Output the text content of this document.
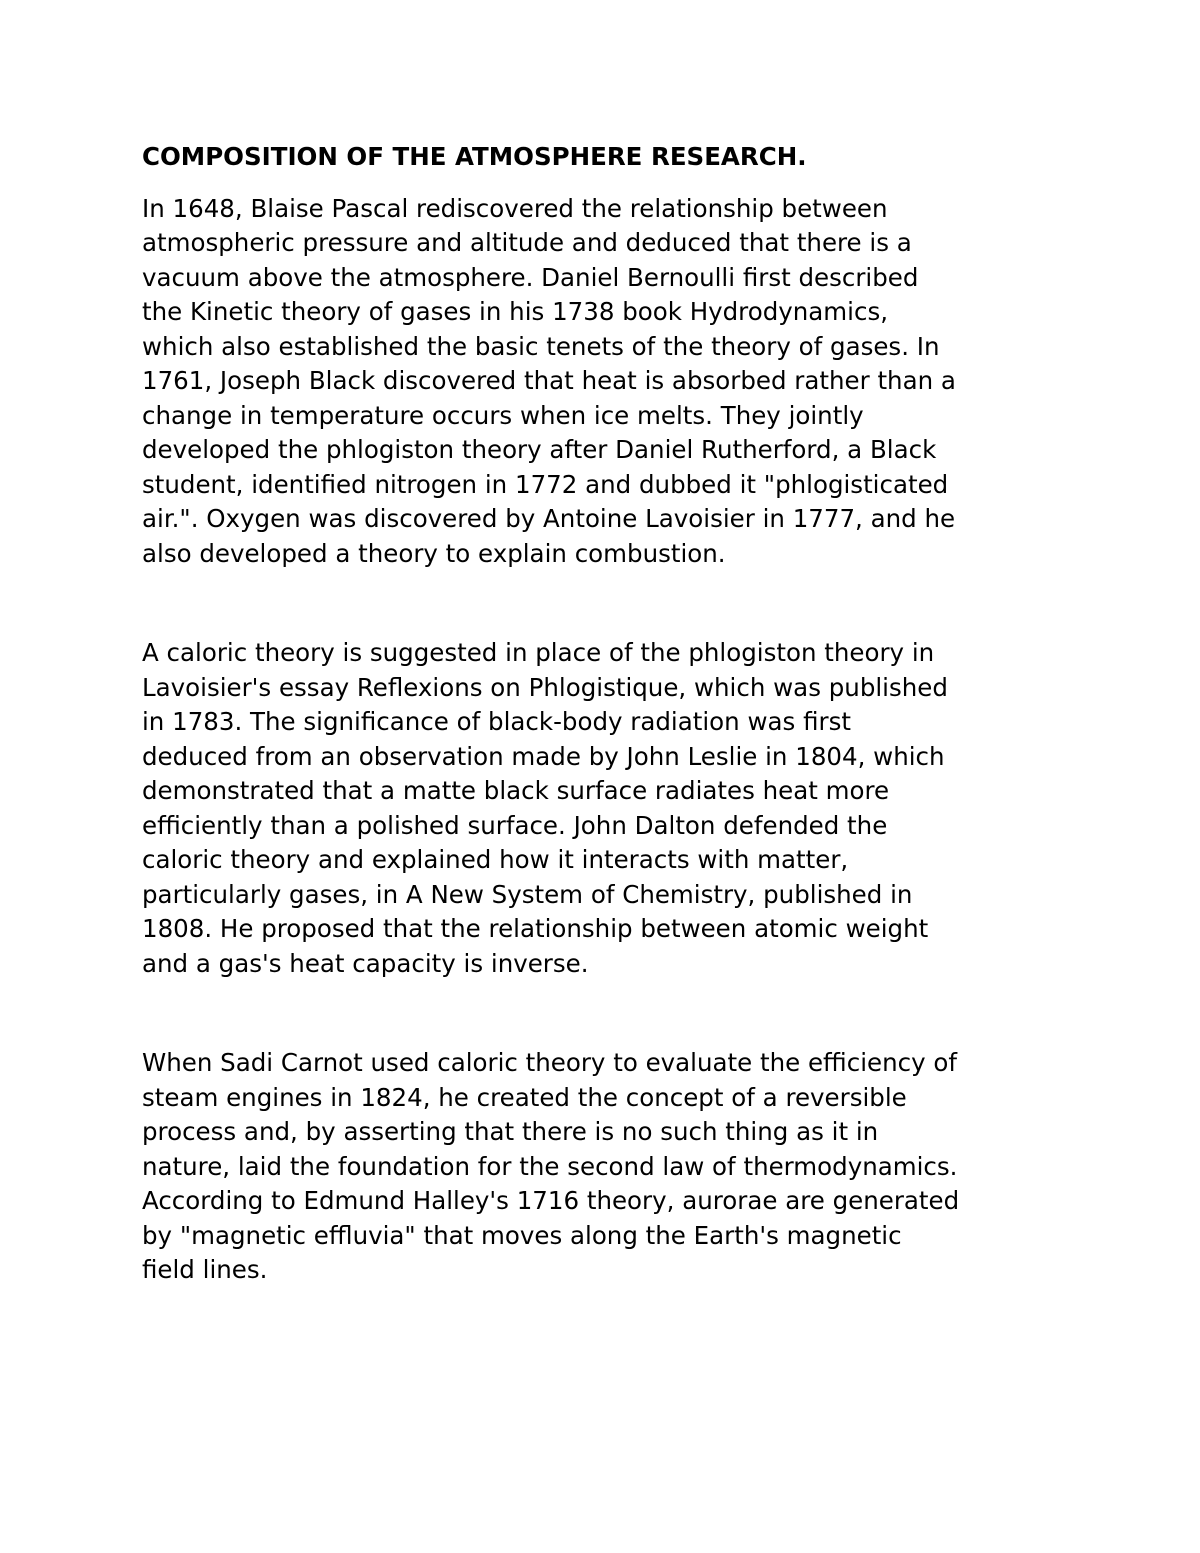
COMPOSITION OF THE ATMOSPHERE RESEARCH.

In 1648, Blaise Pascal rediscovered the relationship between
atmospheric pressure and altitude and deduced that there is a
vacuum above the atmosphere. Daniel Bernoulli first described
the Kinetic theory of gases in his 1738 book Hydrodynamics,
which also established the basic tenets of the theory of gases. In
1761, Joseph Black discovered that heat is absorbed rather than a
change in temperature occurs when ice melts. They jointly
developed the phlogiston theory after Daniel Rutherford, a Black
student, identified nitrogen in 1772 and dubbed it "phlogisticated
air.". Oxygen was discovered by Antoine Lavoisier in 1777, and he
also developed a theory to explain combustion.

A caloric theory is suggested in place of the phlogiston theory in
Lavoisier's essay Reflexions on Phlogistique, which was published
in 1783. The significance of black-body radiation was first
deduced from an observation made by John Leslie in 1804, which
demonstrated that a matte black surface radiates heat more
efficiently than a polished surface. John Dalton defended the
caloric theory and explained how it interacts with matter,
particularly gases, in A New System of Chemistry, published in
1808. He proposed that the relationship between atomic weight
and a gas's heat capacity is inverse.

When Sadi Carnot used caloric theory to evaluate the efficiency of
steam engines in 1824, he created the concept of a reversible
process and, by asserting that there is no such thing as it in
nature, laid the foundation for the second law of thermodynamics.
According to Edmund Halley's 1716 theory, aurorae are generated
by "magnetic effluvia" that moves along the Earth's magnetic
field lines.
